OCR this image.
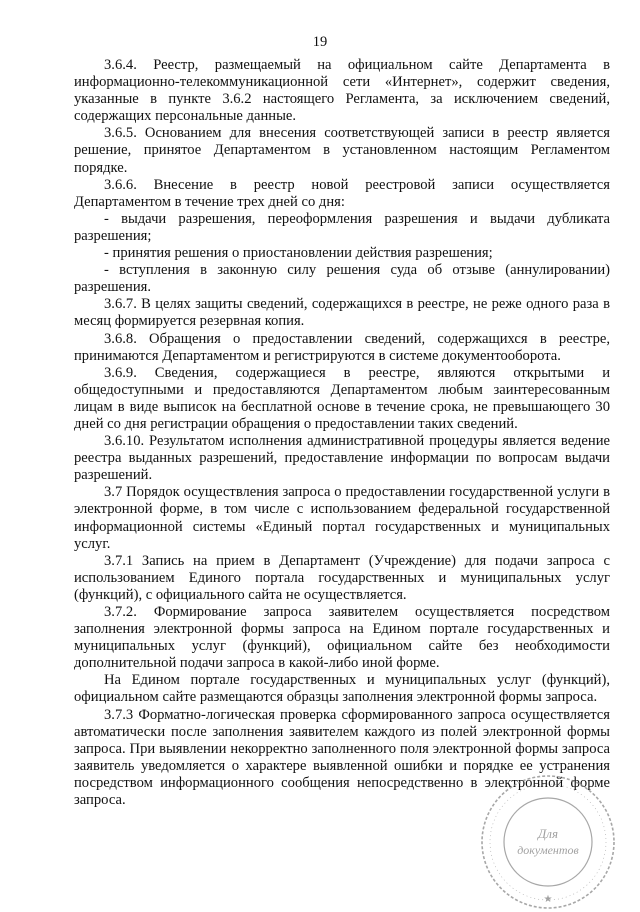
19

3.6.4. Реестр, размещаемый на официальном сайте Департамента в информационно-телекоммуникационной сети «Интернет», содержит сведения, указанные в пункте 3.6.2 настоящего Регламента, за исключением сведений, содержащих персональные данные.

3.6.5. Основанием для внесения соответствующей записи в реестр является решение, принятое Департаментом в установленном настоящим Регламентом порядке.

3.6.6. Внесение в реестр новой реестровой записи осуществляется Департаментом в течение трех дней со дня:

- выдачи разрешения, переоформления разрешения и выдачи дубликата разрешения;

- принятия решения о приостановлении действия разрешения;

- вступления в законную силу решения суда об отзыве (аннулировании) разрешения.

3.6.7. В целях защиты сведений, содержащихся в реестре, не реже одного раза в месяц формируется резервная копия.

3.6.8. Обращения о предоставлении сведений, содержащихся в реестре, принимаются Департаментом и регистрируются в системе документооборота.

3.6.9. Сведения, содержащиеся в реестре, являются открытыми и общедоступными и предоставляются Департаментом любым заинтересованным лицам в виде выписок на бесплатной основе в течение срока, не превышающего 30 дней со дня регистрации обращения о предоставлении таких сведений.

3.6.10. Результатом исполнения административной процедуры является ведение реестра выданных разрешений, предоставление информации по вопросам выдачи разрешений.

3.7 Порядок осуществления запроса о предоставлении государственной услуги в электронной форме, в том числе с использованием федеральной государственной информационной системы «Единый портал государственных и муниципальных услуг.

3.7.1 Запись на прием в Департамент (Учреждение) для подачи запроса с использованием Единого портала государственных и муниципальных услуг (функций), с официального сайта не осуществляется.

3.7.2. Формирование запроса заявителем осуществляется посредством заполнения электронной формы запроса на Едином портале государственных и муниципальных услуг (функций), официальном сайте без необходимости дополнительной подачи запроса в какой-либо иной форме.

На Едином портале государственных и муниципальных услуг (функций), официальном сайте размещаются образцы заполнения электронной формы запроса.

3.7.3 Форматно-логическая проверка сформированного запроса осуществляется автоматически после заполнения заявителем каждого из полей электронной формы запроса. При выявлении некорректно заполненного поля электронной формы запроса заявитель уведомляется о характере выявленной ошибки и порядке ее устранения посредством информационного сообщения непосредственно в электронной форме запроса.

Для
документов
★
